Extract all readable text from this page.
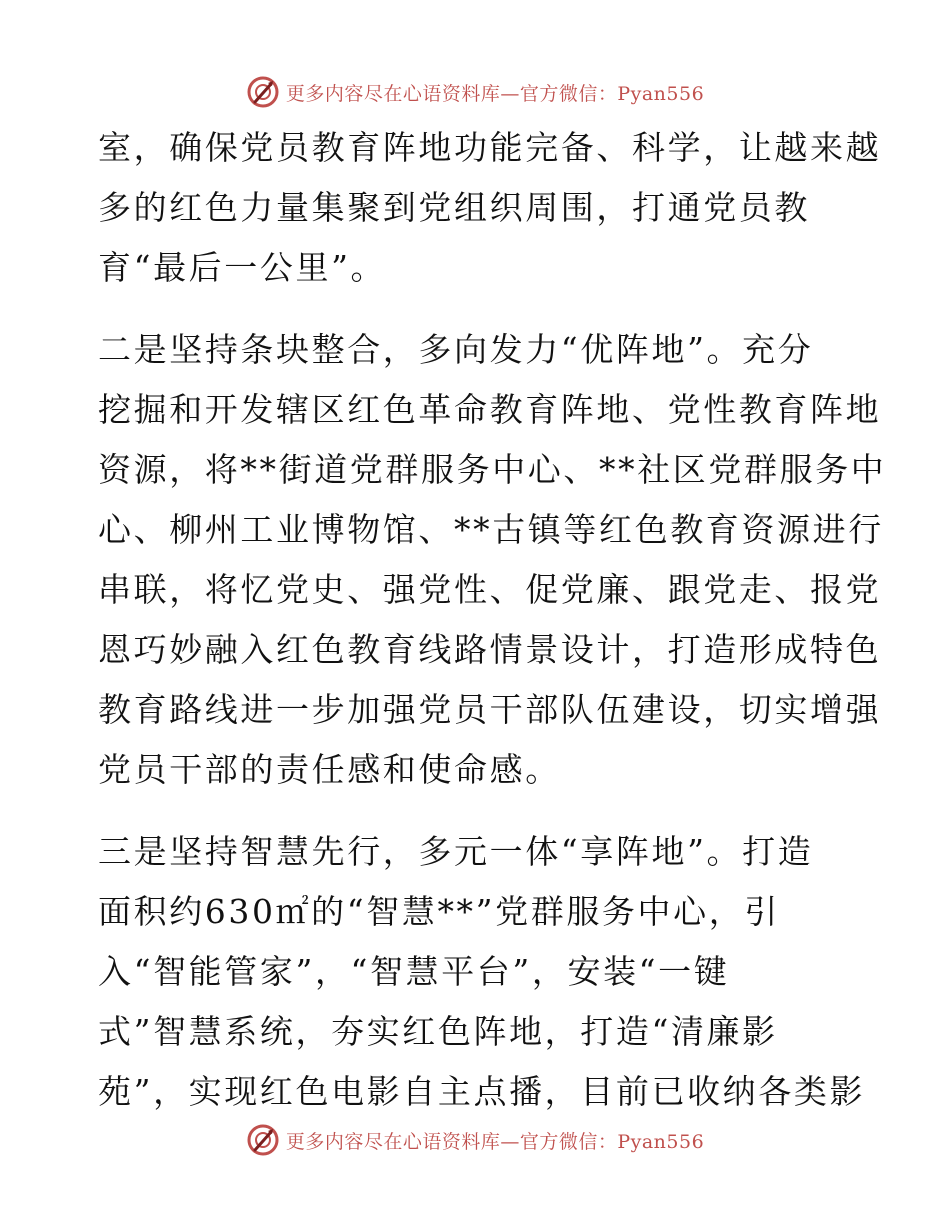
更多内容尽在心语资料库—官方微信：Pyan556
室，确保党员教育阵地功能完备、科学，让越来越
多的红色力量集聚到党组织周围，打通党员教
育“最后一公里”。
二是坚持条块整合，多向发力“优阵地”。充分
挖掘和开发辖区红色革命教育阵地、党性教育阵地
资源，将**街道党群服务中心、**社区党群服务中
心、柳州工业博物馆、**古镇等红色教育资源进行
串联，将忆党史、强党性、促党廉、跟党走、报党
恩巧妙融入红色教育线路情景设计，打造形成特色
教育路线进一步加强党员干部队伍建设，切实增强
党员干部的责任感和使命感。
三是坚持智慧先行，多元一体“享阵地”。打造
面积约630㎡的“智慧**”党群服务中心，引
入“智能管家”，“智慧平台”，安装“一键
式”智慧系统，夯实红色阵地，打造“清廉影
苑”，实现红色电影自主点播，目前已收纳各类影
更多内容尽在心语资料库—官方微信：Pyan556
